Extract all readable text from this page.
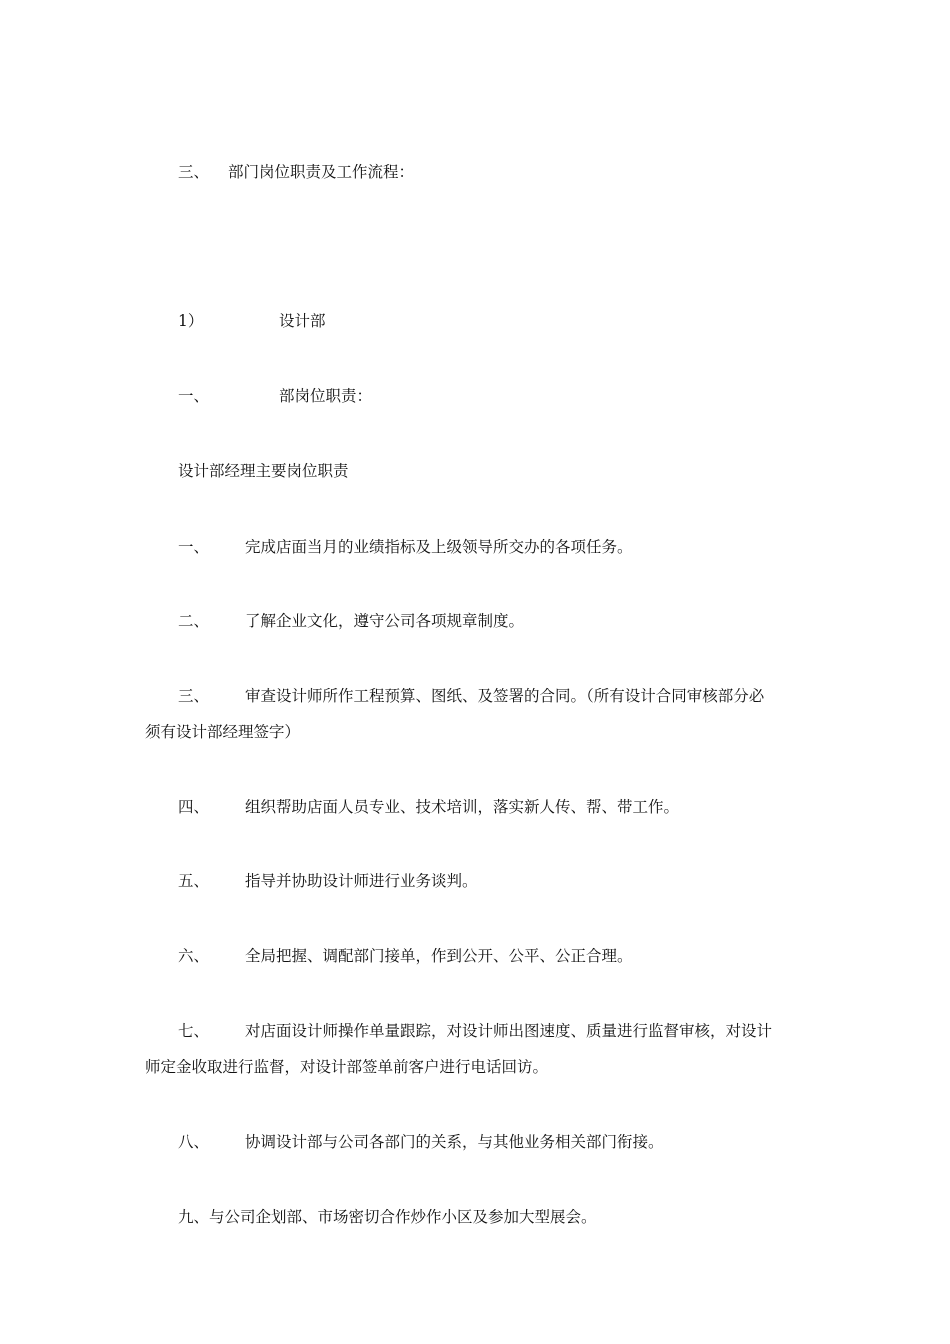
三、 部门岗位职责及工作流程：
1）	设计部
一、	部岗位职责：
设计部经理主要岗位职责
一、 完成店面当月的业绩指标及上级领导所交办的各项任务。
二、 了解企业文化，遵守公司各项规章制度。
三、 审查设计师所作工程预算、图纸、及签署的合同。（所有设计合同审核部分必
须有设计部经理签字）
四、 组织帮助店面人员专业、技术培训，落实新人传、帮、带工作。
五、 指导并协助设计师进行业务谈判。
六、 全局把握、调配部门接单，作到公开、公平、公正合理。
七、 对店面设计师操作单量跟踪，对设计师出图速度、质量进行监督审核，对设计
师定金收取进行监督，对设计部签单前客户进行电话回访。
八、 协调设计部与公司各部门的关系，与其他业务相关部门衔接。
九、与公司企划部、市场密切合作炒作小区及参加大型展会。
